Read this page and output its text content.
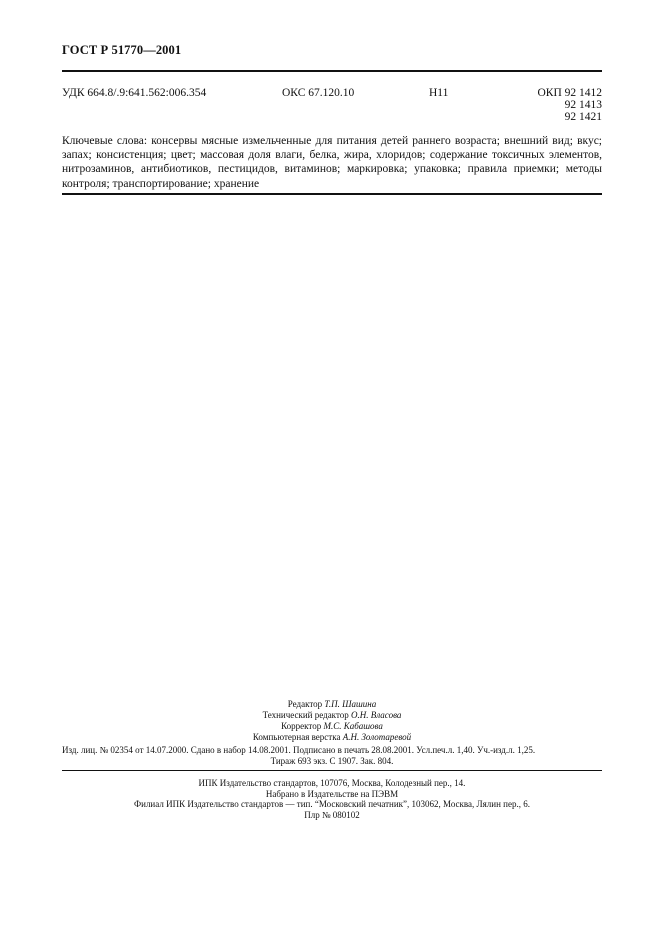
ГОСТ Р 51770—2001
УДК 664.8/.9:641.562:006.354	ОКС 67.120.10	Н11	ОКП 92 1412
92 1413
92 1421
Ключевые слова: консервы мясные измельченные для питания детей раннего возраста; внешний вид; вкус; запах; консистенция; цвет; массовая доля влаги, белка, жира, хлоридов; содержание токсичных элементов, нитрозаминов, антибиотиков, пестицидов, витаминов; маркировка; упаковка; правила приемки; методы контроля; транспортирование; хранение
Редактор Т.П. Шашина
Технический редактор О.Н. Власова
Корректор М.С. Кабашова
Компьютерная верстка А.Н. Золотаревой
Изд. лиц. № 02354 от 14.07.2000. Сдано в набор 14.08.2001. Подписано в печать 28.08.2001. Усл.печ.л. 1,40. Уч.-изд.л. 1,25.
Тираж 693 экз. С 1907. Зак. 804.
ИПК Издательство стандартов, 107076, Москва, Колодезный пер., 14.
Набрано в Издательстве на ПЭВМ
Филиал ИПК Издательство стандартов — тип. “Московский печатник”, 103062, Москва, Лялин пер., 6.
Плр № 080102
